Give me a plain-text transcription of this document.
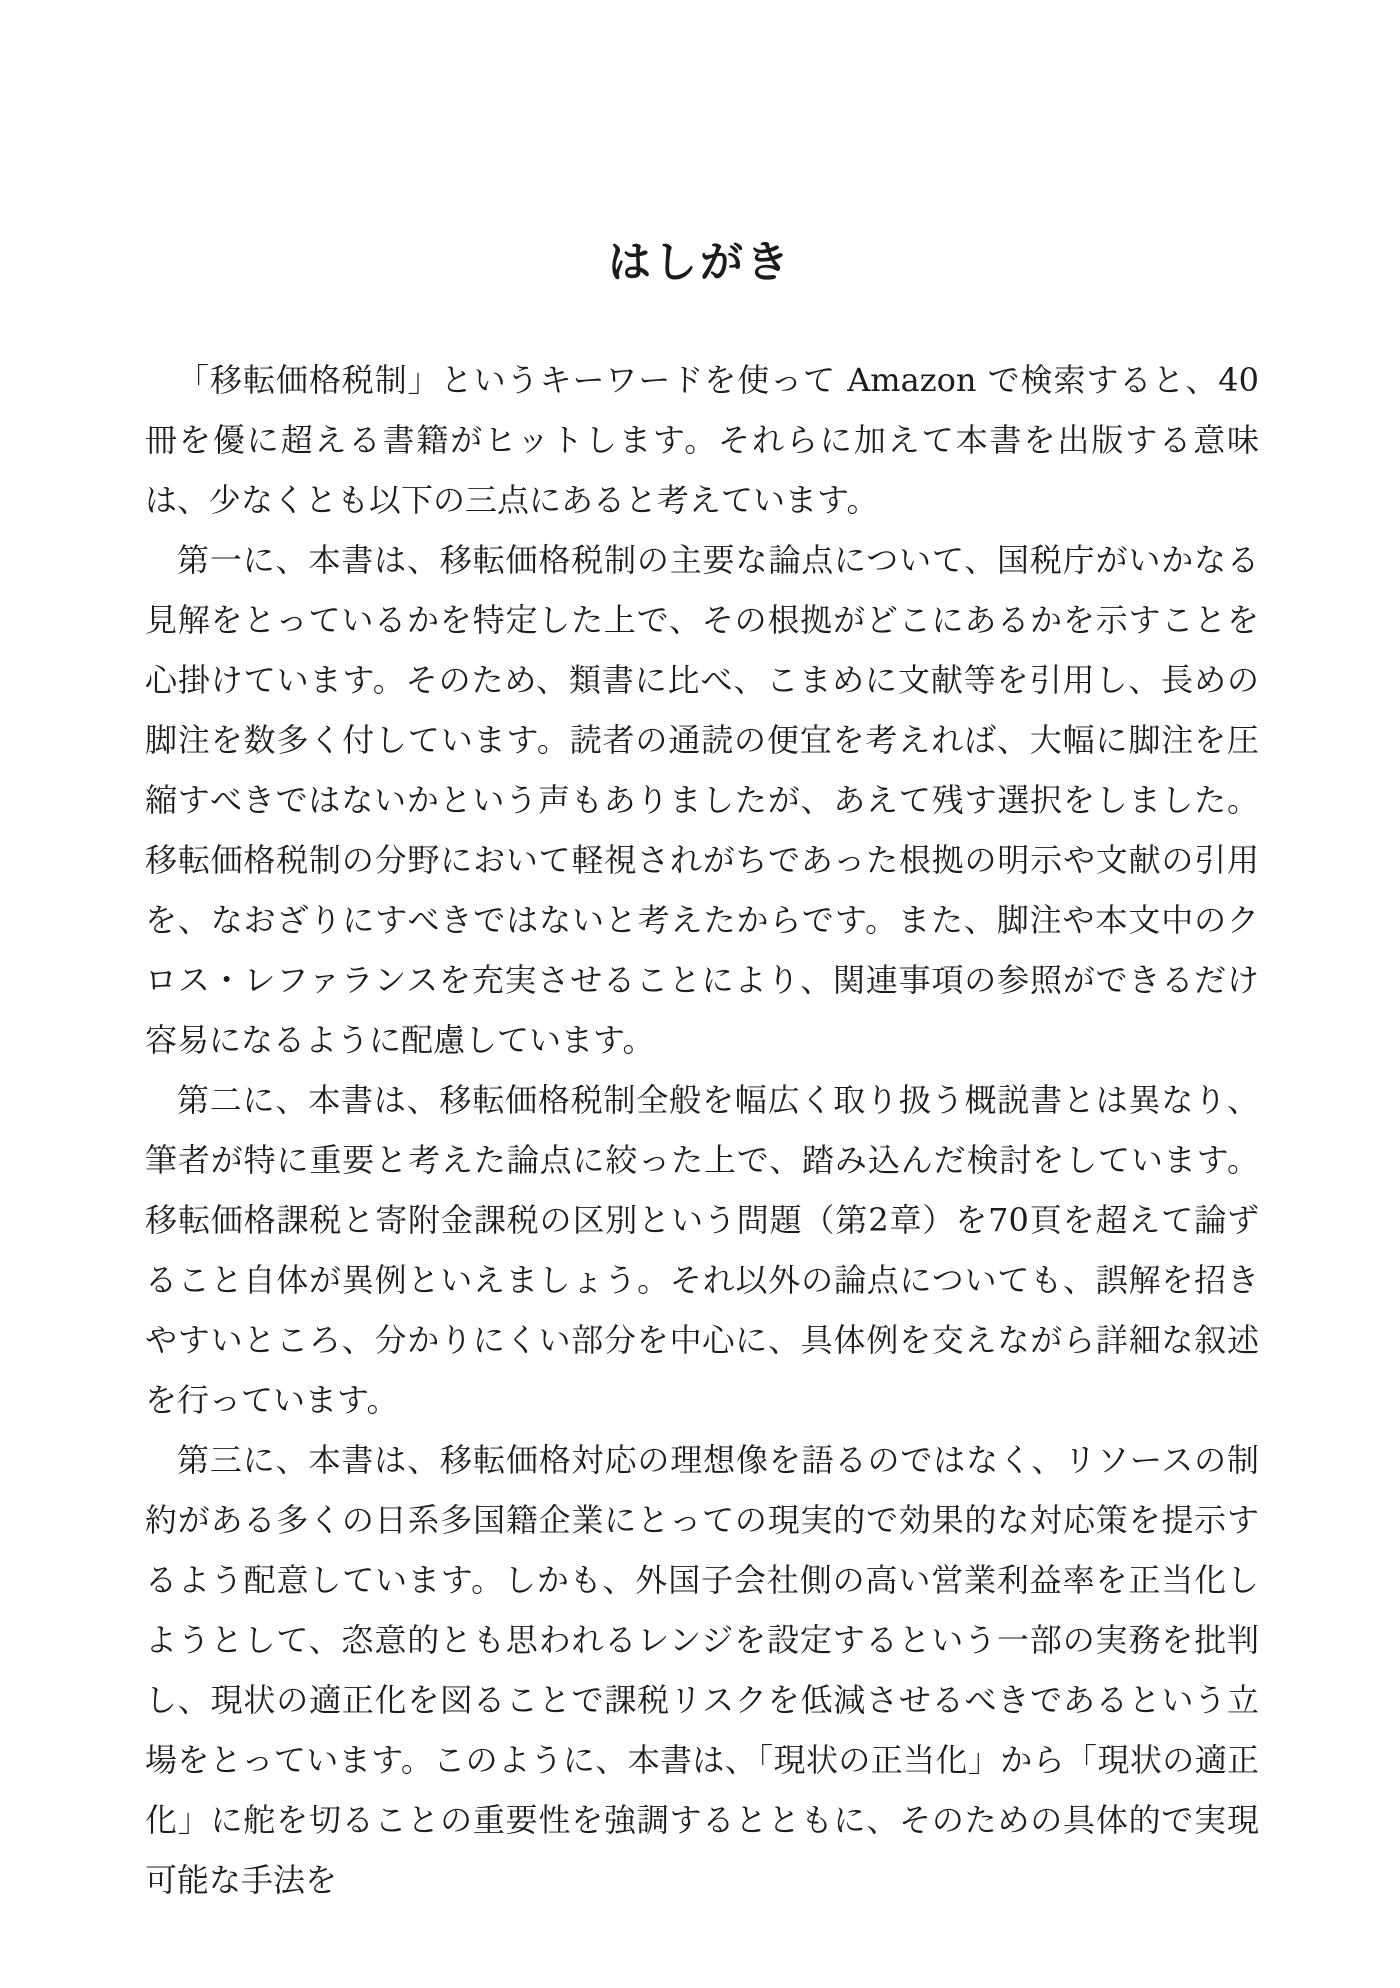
はしがき

「移転価格税制」というキーワードを使って Amazon で検索すると、40冊を優に超える書籍がヒットします。それらに加えて本書を出版する意味は、少なくとも以下の三点にあると考えています。

第一に、本書は、移転価格税制の主要な論点について、国税庁がいかなる見解をとっているかを特定した上で、その根拠がどこにあるかを示すことを心掛けています。そのため、類書に比べ、こまめに文献等を引用し、長めの脚注を数多く付しています。読者の通読の便宜を考えれば、大幅に脚注を圧縮すべきではないかという声もありましたが、あえて残す選択をしました。移転価格税制の分野において軽視されがちであった根拠の明示や文献の引用を、なおざりにすべきではないと考えたからです。また、脚注や本文中のクロス・レファランスを充実させることにより、関連事項の参照ができるだけ容易になるように配慮しています。

第二に、本書は、移転価格税制全般を幅広く取り扱う概説書とは異なり、筆者が特に重要と考えた論点に絞った上で、踏み込んだ検討をしています。移転価格課税と寄附金課税の区別という問題（第2章）を70頁を超えて論ずること自体が異例といえましょう。それ以外の論点についても、誤解を招きやすいところ、分かりにくい部分を中心に、具体例を交えながら詳細な叙述を行っています。

第三に、本書は、移転価格対応の理想像を語るのではなく、リソースの制約がある多くの日系多国籍企業にとっての現実的で効果的な対応策を提示するよう配意しています。しかも、外国子会社側の高い営業利益率を正当化しようとして、恣意的とも思われるレンジを設定するという一部の実務を批判し、現状の適正化を図ることで課税リスクを低減させるべきであるという立場をとっています。このように、本書は、「現状の正当化」から「現状の適正化」に舵を切ることの重要性を強調するとともに、そのための具体的で実現可能な手法を
